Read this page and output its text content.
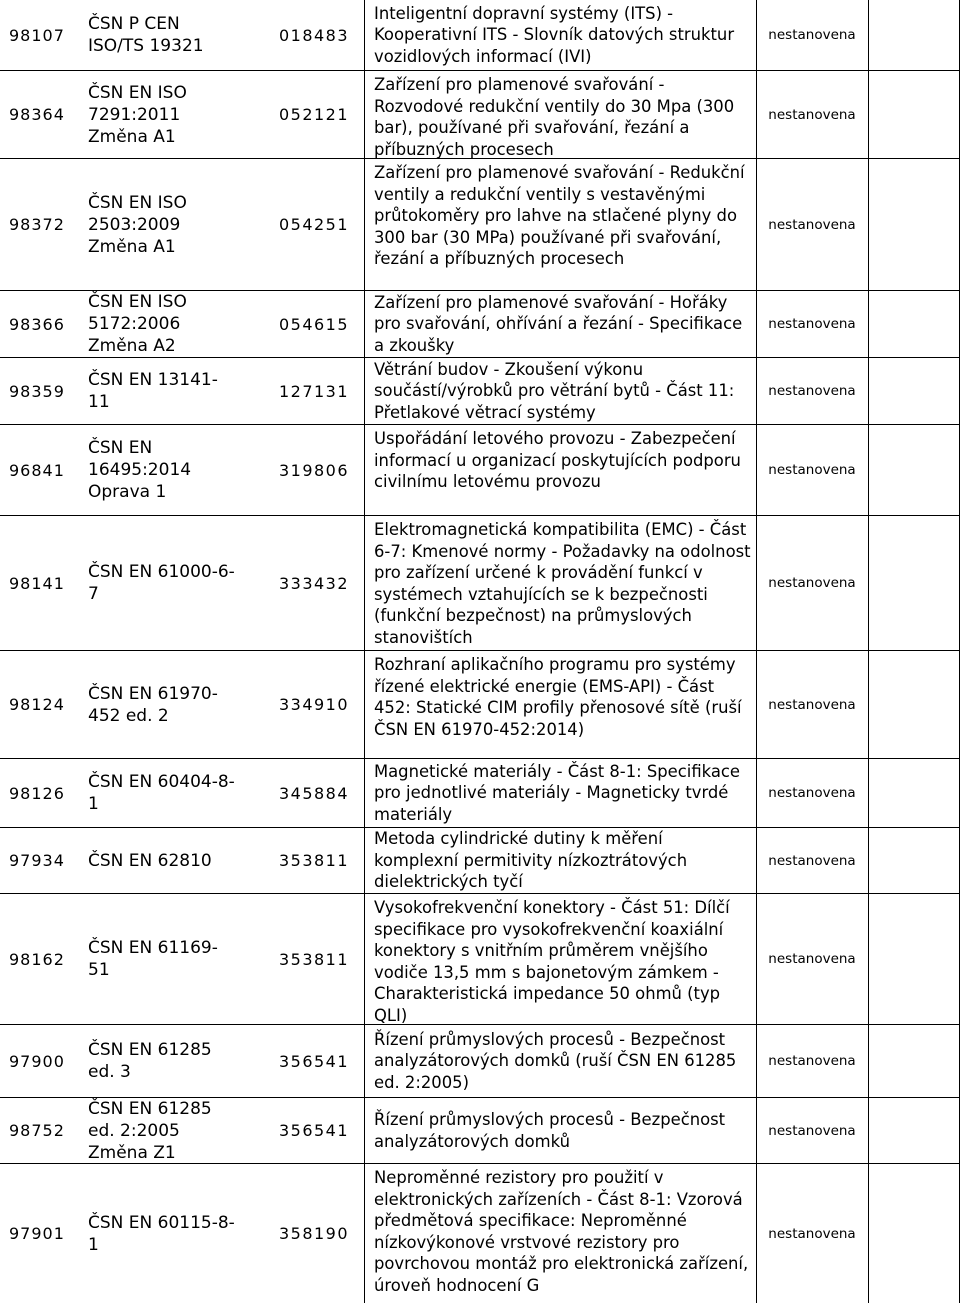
98107
ČSN P CEN
ISO/TS 19321
018483
Inteligentní dopravní systémy (ITS) - Kooperativní ITS - Slovník datových struktur vozidlových informací (IVI)
nestanovena
98364
ČSN EN ISO
7291:2011
Změna A1
052121
Zařízení pro plamenové svařování - Rozvodové redukční ventily do 30 Mpa (300 bar), používané při svařování, řezání a příbuzných procesech
nestanovena
98372
ČSN EN ISO
2503:2009
Změna A1
054251
Zařízení pro plamenové svařování - Redukční ventily a redukční ventily s vestavěnými průtokoměry pro lahve na stlačené plyny do 300 bar (30 MPa) používané při svařování, řezání a příbuzných procesech
nestanovena
98366
ČSN EN ISO
5172:2006
Změna A2
054615
Zařízení pro plamenové svařování - Hořáky pro svařování, ohřívání a řezání - Specifikace a zkoušky
nestanovena
98359
ČSN EN 13141-
11
127131
Větrání budov - Zkoušení výkonu součástí/výrobků pro větrání bytů - Část 11: Přetlakové větrací systémy
nestanovena
96841
ČSN EN
16495:2014
Oprava 1
319806
Uspořádání letového provozu - Zabezpečení informací u organizací poskytujících podporu civilnímu letovému provozu
nestanovena
98141
ČSN EN 61000-6-
7
333432
Elektromagnetická kompatibilita (EMC) - Část 6-7: Kmenové normy - Požadavky na odolnost pro zařízení určené k provádění funkcí v systémech vztahujících se k bezpečnosti (funkční bezpečnost) na průmyslových stanovištích
nestanovena
98124
ČSN EN 61970-
452 ed. 2
334910
Rozhraní aplikačního programu pro systémy řízené elektrické energie (EMS-API) - Část 452: Statické CIM profily přenosové sítě (ruší ČSN EN 61970-452:2014)
nestanovena
98126
ČSN EN 60404-8-
1
345884
Magnetické materiály - Část 8-1: Specifikace pro jednotlivé materiály - Magneticky tvrdé materiály
nestanovena
97934 ČSN EN 62810	353811
Metoda cylindrické dutiny k měření komplexní permitivity nízkoztrátových dielektrických tyčí
nestanovena
98162
ČSN EN 61169-
51
353811
Vysokofrekvenční konektory - Část 51: Dílčí specifikace pro vysokofrekvenční koaxiální konektory s vnitřním průměrem vnějšího vodiče 13,5 mm s bajonetovým zámkem - Charakteristická impedance 50 ohmů (typ QLI)
nestanovena
97900
ČSN EN 61285
ed. 3
356541
Řízení průmyslových procesů - Bezpečnost analyzátorových domků (ruší ČSN EN 61285 ed. 2:2005)
nestanovena
98752
ČSN EN 61285
ed. 2:2005
Změna Z1
356541
Řízení průmyslových procesů - Bezpečnost analyzátorových domků
nestanovena
97901
ČSN EN 60115-8-
1
358190
Neproměnné rezistory pro použití v elektronických zařízeních - Část 8-1: Vzorová předmětová specifikace: Neproměnné nízkovýkonové vrstvové rezistory pro povrchovou montáž pro elektronická zařízení, úroveň hodnocení G
nestanovena
